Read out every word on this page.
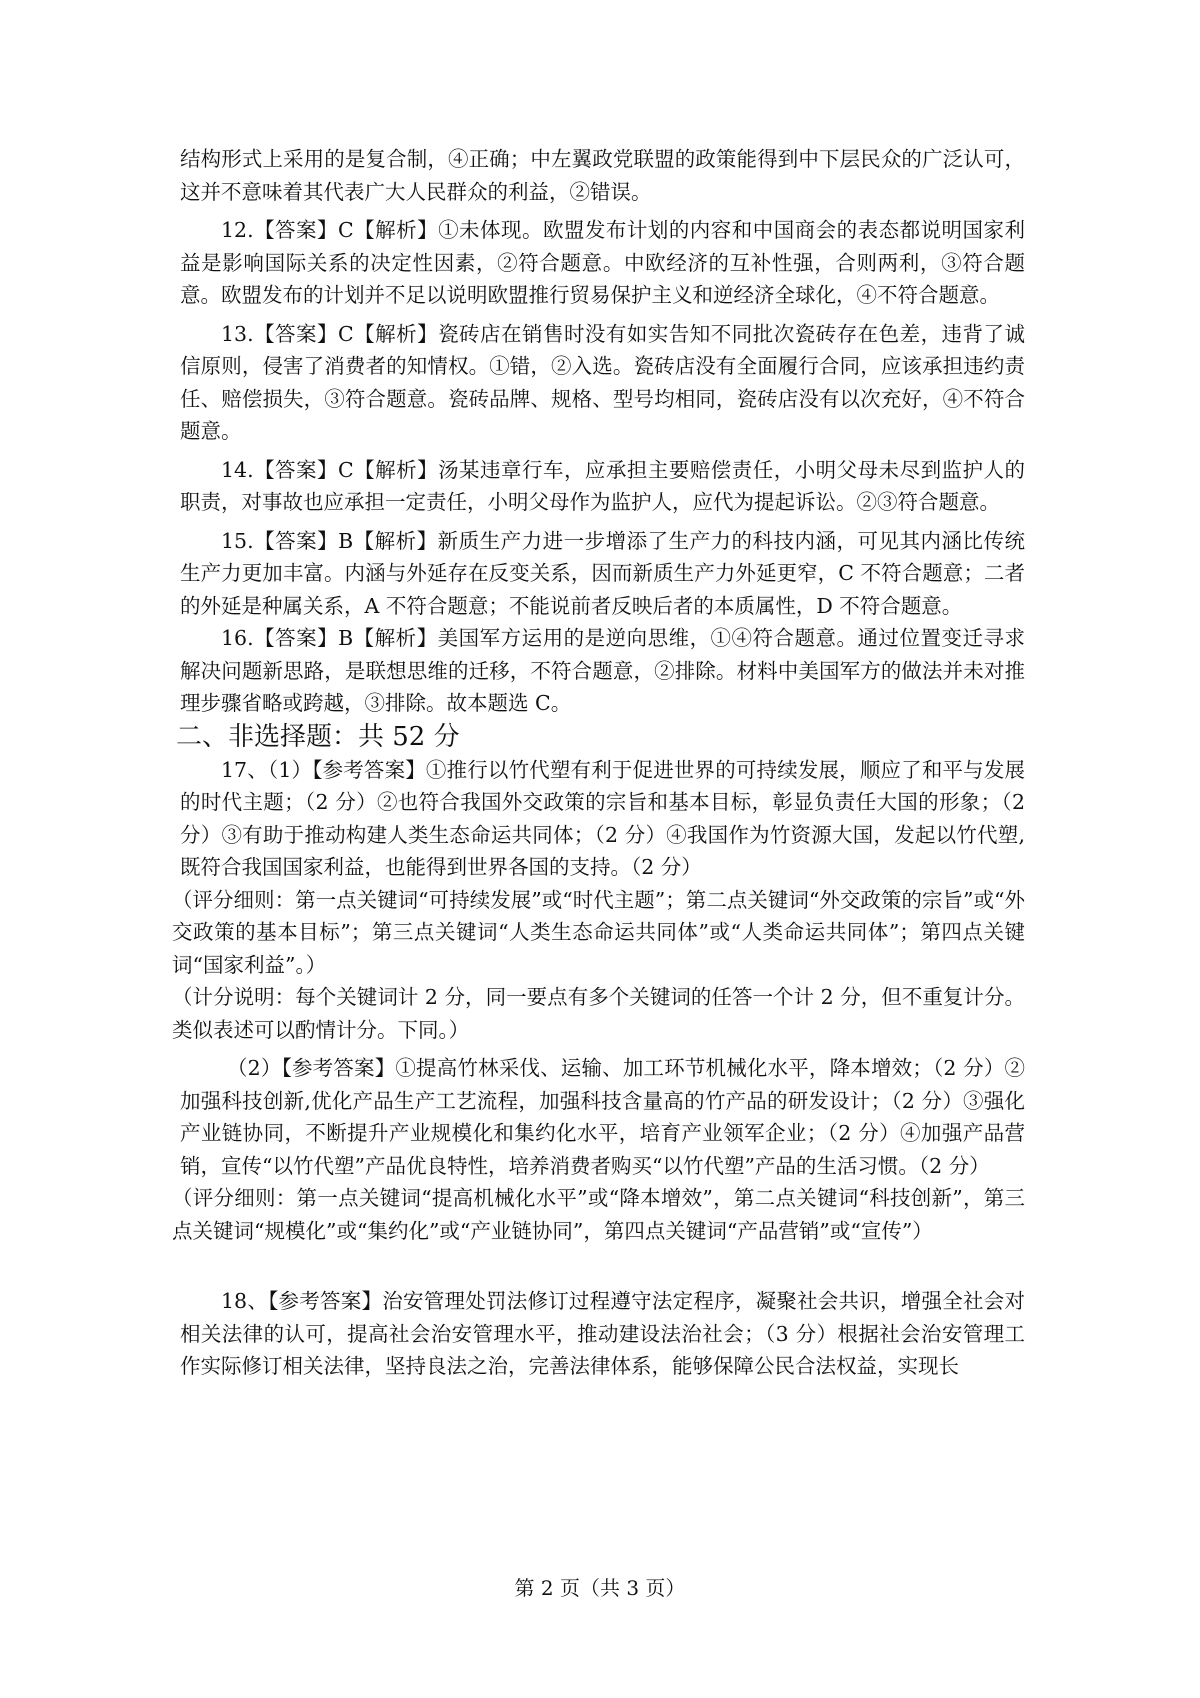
结构形式上采用的是复合制，④正确；中左翼政党联盟的政策能得到中下层民众的广泛认可，这并不意味着其代表广大人民群众的利益，②错误。

12.【答案】C【解析】①未体现。欧盟发布计划的内容和中国商会的表态都说明国家利益是影响国际关系的决定性因素，②符合题意。中欧经济的互补性强，合则两利，③符合题意。欧盟发布的计划并不足以说明欧盟推行贸易保护主义和逆经济全球化，④不符合题意。

13.【答案】C【解析】瓷砖店在销售时没有如实告知不同批次瓷砖存在色差，违背了诚信原则，侵害了消费者的知情权。①错，②入选。瓷砖店没有全面履行合同，应该承担违约责任、赔偿损失，③符合题意。瓷砖品牌、规格、型号均相同，瓷砖店没有以次充好，④不符合题意。

14.【答案】C【解析】汤某违章行车，应承担主要赔偿责任，小明父母未尽到监护人的职责，对事故也应承担一定责任，小明父母作为监护人，应代为提起诉讼。②③符合题意。

15.【答案】B【解析】新质生产力进一步增添了生产力的科技内涵，可见其内涵比传统生产力更加丰富。内涵与外延存在反变关系，因而新质生产力外延更窄，C 不符合题意；二者的外延是种属关系，A 不符合题意；不能说前者反映后者的本质属性，D 不符合题意。

16.【答案】B【解析】美国军方运用的是逆向思维，①④符合题意。通过位置变迁寻求解决问题新思路，是联想思维的迁移，不符合题意，②排除。材料中美国军方的做法并未对推理步骤省略或跨越，③排除。故本题选 C。

二、非选择题：共 52 分

17、（1）【参考答案】①推行以竹代塑有利于促进世界的可持续发展，顺应了和平与发展的时代主题；（2 分）②也符合我国外交政策的宗旨和基本目标，彰显负责任大国的形象；（2 分）③有助于推动构建人类生态命运共同体；（2 分）④我国作为竹资源大国，发起以竹代塑,既符合我国国家利益，也能得到世界各国的支持。（2 分）

（评分细则：第一点关键词“可持续发展”或“时代主题”；第二点关键词“外交政策的宗旨”或“外交政策的基本目标”；第三点关键词“人类生态命运共同体”或“人类命运共同体”；第四点关键词“国家利益”。）

（计分说明：每个关键词计 2 分，同一要点有多个关键词的任答一个计 2 分，但不重复计分。类似表述可以酌情计分。下同。）

（2）【参考答案】①提高竹林采伐、运输、加工环节机械化水平，降本增效；（2 分）②加强科技创新,优化产品生产工艺流程，加强科技含量高的竹产品的研发设计；（2 分）③强化产业链协同，不断提升产业规模化和集约化水平，培育产业领军企业；（2 分）④加强产品营销，宣传“以竹代塑”产品优良特性，培养消费者购买“以竹代塑”产品的生活习惯。（2 分）

（评分细则：第一点关键词“提高机械化水平”或“降本增效”，第二点关键词“科技创新”，第三点关键词“规模化”或“集约化”或“产业链协同”，第四点关键词“产品营销”或“宣传”）

18、【参考答案】治安管理处罚法修订过程遵守法定程序，凝聚社会共识，增强全社会对相关法律的认可，提高社会治安管理水平，推动建设法治社会；（3 分）根据社会治安管理工作实际修订相关法律，坚持良法之治，完善法律体系，能够保障公民合法权益，实现长

第 2 页（共 3 页）
